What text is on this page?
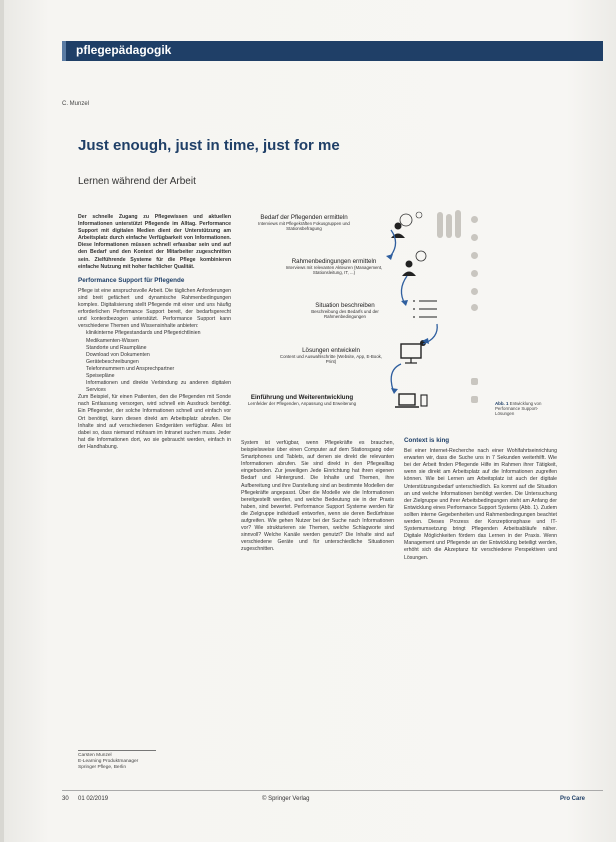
pflegepädagogik
C. Munzel
Just enough, just in time, just for me
Lernen während der Arbeit
Der schnelle Zugang zu Pflegewissen und aktuellen Informationen unterstützt Pflegende im Alltag. Performance Support mit digitalen Medien dient der Unterstützung am Arbeitsplatz durch einfache Verfügbarkeit von Informationen. Diese Informationen müssen schnell erfassbar sein und auf den Bedarf und den Kontext der Mitarbeiter zugeschnitten sein. Zielführende Systeme für die Pflege kombinieren einfache Nutzung mit hoher fachlicher Qualität.
Performance Support für Pflegende
Pflege ist eine anspruchsvolle Arbeit. Die täglichen Anforderungen sind breit gefächert und dynamische Rahmenbedingungen komplex. Digitalisierung stellt Pflegende mit einer und uns häufig erforderlichen Performance Support bereit, der bedarfsgerecht und kontextbezogen unterstützt. Performance Support kann verschiedene Themen und Wissensinhalte anbieten:
• klinikinterne Pflegestandards und Pflegerichtlinien
• Medikamenten-Wissen
• Standorte und Raumpläne
• Download von Dokumenten
• Gerätebeschreibungen
• Telefonnummern und Ansprechpartner
• Speisepläne
• Informationen und direkte Verbindung zu anderen digitalen Services
Zum Beispiel, für einen Patienten, den die Pflegenden mit Sonde nach Entlassung versorgen, wird schnell ein Ausdruck benötigt. Ein Pflegender, der solche Informationen schnell und einfach vor Ort benötigt, kann diesen direkt am Arbeitsplatz abrufen. Die Inhalte sind auf verschiedenen Endgeräten verfügbar. Alles ist dabei so, dass niemand mühsam im Intranet suchen muss. Jeder hat die Informationen dort, wo sie gebraucht werden, einfach in der Handhabung.
System ist verfügbar, wenn Pflegekräfte es brauchen, beispielsweise über einen Computer auf dem Stationsgang oder Smartphones und Tablets, auf denen sie direkt die relevanten Informationen abrufen. Sie sind direkt in den Pflegealltag eingebunden. Zur jeweiligen Jede Einrichtung hat ihren eigenen Bedarf und Hintergrund. Die Inhalte und Themen, ihre Aufbereitung und ihre Darstellung sind an bestimmte Modellen der Pflegekräfte angepasst. Über die Modelle wie die Informationen bereitgestellt werden, und welche Bedeutung sie in der Praxis haben, sind bewertet. Performance Support Systeme werden für die Zielgruppe individuell entworfen, wenn sie deren Bedürfnisse aufgreifen. Wie gehen Nutzer bei der Suche nach Informationen vor? Wie strukturieren sie Themen, welche Schlagworte sind sinnvoll? Welche Kanäle werden genutzt? Die Inhalte sind auf verschiedene Geräte und für unterschiedliche Situationen zugeschnitten.
Context is king
Bei einer Internet-Recherche nach einer Wohlfahrtseinrichtung erwarten wir, dass die Suche uns in 7 Sekunden weiterhilft. Wie bei der Arbeit finden Pflegende Hilfe im Rahmen ihrer Tätigkeit, wenn sie direkt am Arbeitsplatz auf die Informationen zugreifen können. Wie bei Lernen am Arbeitsplatz ist auch der digitale Unterstützungsbedarf unterschiedlich. Es kommt auf die Situation an und welche Informationen benötigt werden. Die Untersuchung der Zielgruppe und ihrer Arbeitsbedingungen steht am Anfang der Entwicklung eines Performance Support Systems (Abb. 1). Zudem sollten interne Gegebenheiten und Rahmenbedingungen beachtet werden. Dieses Prozess der Konzeptionsphase und IT-Systemumsetzung bringt Pflegenden Arbeitsabläufe näher. Digitale Möglichkeiten fördern das Lernen in der Praxis. Wenn Management und Pflegende an der Entwicklung beteiligt werden, erhöht sich die Akzeptanz für verschiedene Perspektiven und Lösungen.
Bedarf der Pflegenden ermitteln
Interviews mit Pflegekräften Fokusgruppen und Stationsbefragung
Rahmenbedingungen ermitteln
Interviews mit relevanten Akteuren (Management, Stationsleitung, IT, ...)
Situation beschreiben
Beschreibung des Bedarfs und der Rahmenbedingungen
Lösungen entwickeln
Content und Auswahlschritte (Website, App, E-Book, Print)
Einführung und Weiterentwicklung
Lernfelder der Pflegenden, Anpassung und Erweiterung	Abb. 1 Entwicklung von Performance Support-Lösungen
Carsten Munzel
E-Learning Produktmanager
Springer Pflege, Berlin
30 01 02/2019	© Springer Verlag	Pro Care
